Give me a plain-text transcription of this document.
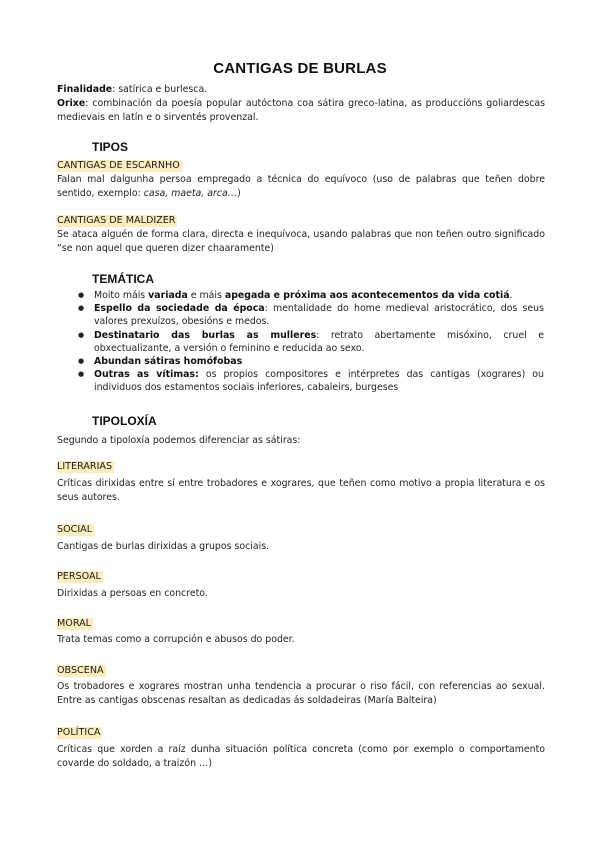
CANTIGAS DE BURLAS
Finalidade: satírica e burlesca.
Orixe: combinación da poesía popular autóctona coa sátira greco-latina, as produccións goliardescas medievais en latín e o sirventés provenzal.
TIPOS
CANTIGAS DE ESCARNHO
Falan mal dalgunha persoa empregado a técnica do equívoco (uso de palabras que teñen dobre sentido, exemplo: casa, maeta, arca…)
CANTIGAS DE MALDIZER
Se ataca alguén de forma clara, directa e inequívoca, usando palabras que non teñen outro significado “se non aquel que queren dizer chaaramente)
TEMÁTICA
● Moito máis variada e máis apegada e próxima aos acontecementos da vida cotiá.
● Espello da sociedade da época: mentalidade do home medieval aristocrático, dos seus valores prexuízos, obesións e medos.
● Destinatario das burlas as mulleres: retrato abertamente misóxino, cruel e obxectualizante, a versión o feminino e reducida ao sexo.
● Abundan sátiras homófobas
● Outras as vítimas: os propios compositores e intérpretes das cantigas (xograres) ou individuos dos estamentos sociais inferiores, cabaleirs, burgeses
TIPOLOXÍA
Segundo a tipoloxía podemos diferenciar as sátiras:
LITERARIAS
Críticas dirixidas entre sí entre trobadores e xograres, que teñen como motivo a propia literatura e os seus autores.
SOCIAL
Cantigas de burlas dirixidas a grupos sociais.
PERSOAL
Dirixidas a persoas en concreto.
MORAL
Trata temas como a corrupción e abusos do poder.
OBSCENA
Os trobadores e xograres mostran unha tendencia a procurar o riso fácil, con referencias ao sexual. Entre as cantigas obscenas resaltan as dedicadas ás soldadeiras (María Balteira)
POLÍTICA
Críticas que xorden a raíz dunha situación política concreta (como por exemplo o comportamento covarde do soldado, a traizón …)
